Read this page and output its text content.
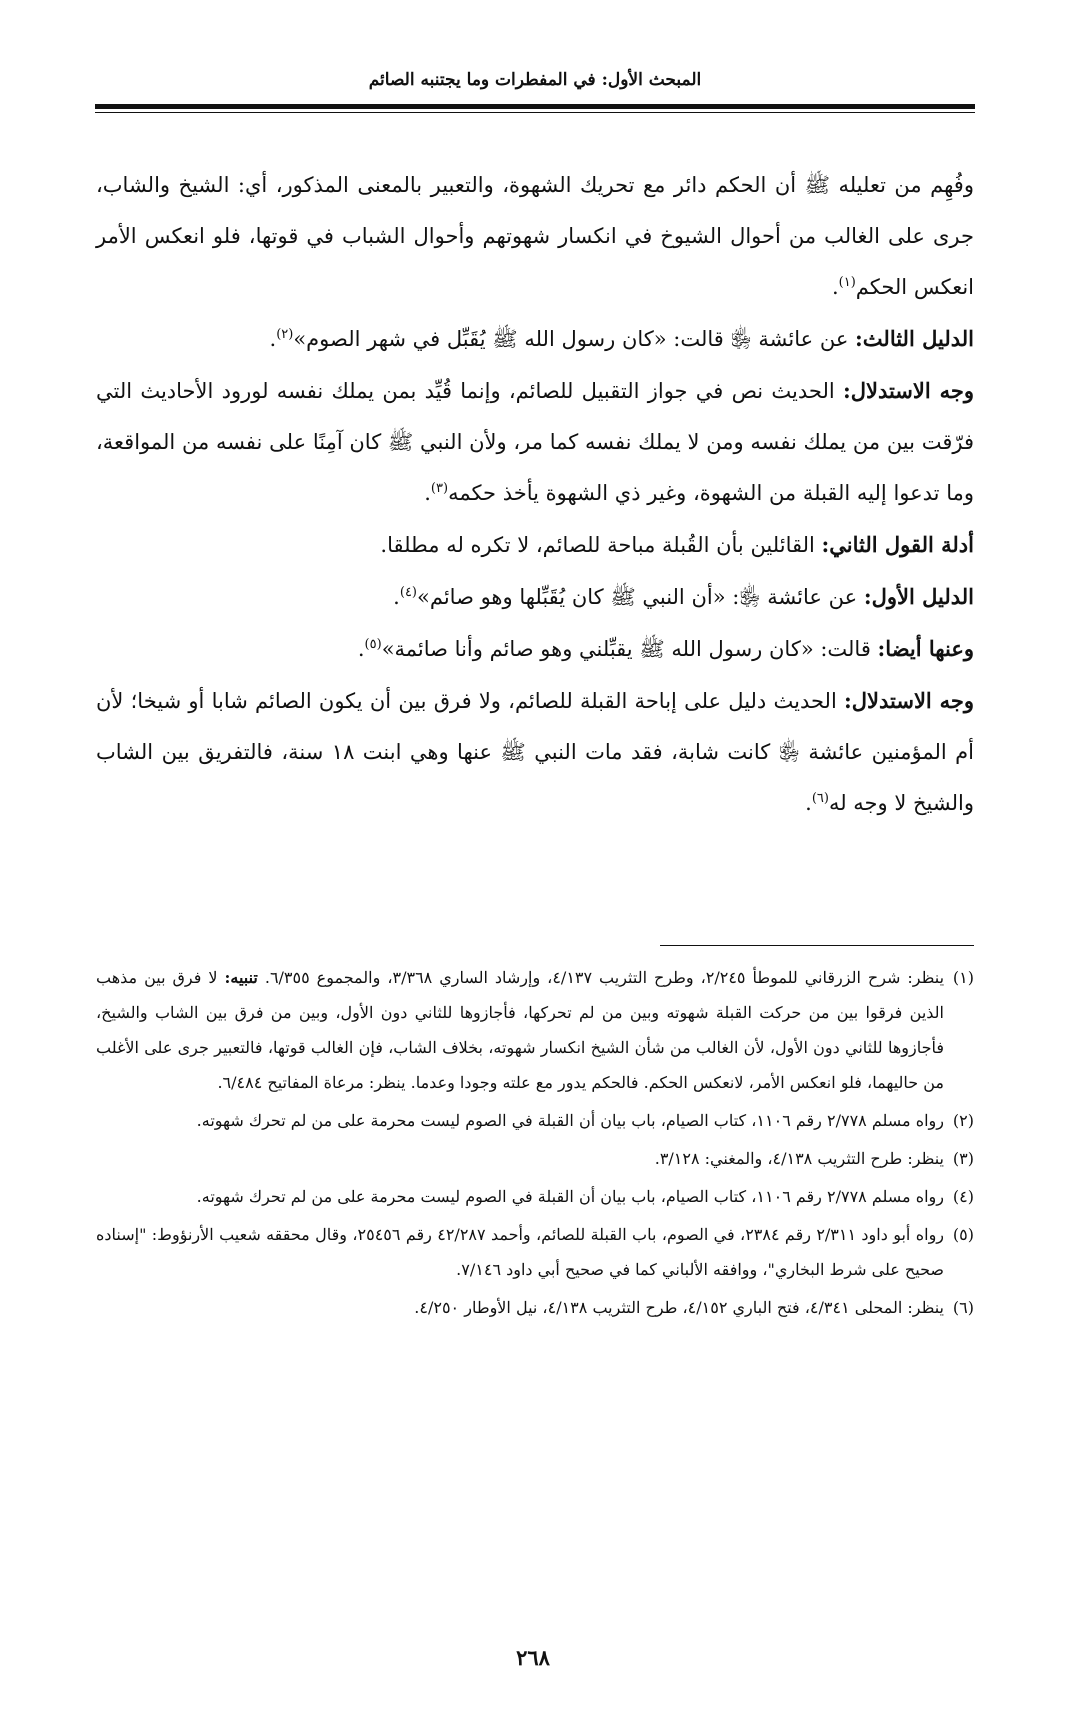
المبحث الأول: في المفطرات وما يجتنبه الصائم

وفُهِم من تعليله ﷺ أن الحكم دائر مع تحريك الشهوة، والتعبير بالمعنى المذكور، أي: الشيخ والشاب، جرى على الغالب من أحوال الشيوخ في انكسار شهوتهم وأحوال الشباب في قوتها، فلو انعكس الأمر انعكس الحكم$^{(١)}$.

الدليل الثالث: عن عائشة ﵂ قالت: «كان رسول الله ﷺ يُقَبِّل في شهر الصوم»$^{(٢)}$.

وجه الاستدلال: الحديث نص في جواز التقبيل للصائم، وإنما قُيِّد بمن يملك نفسه لورود الأحاديث التي فرّقت بين من يملك نفسه ومن لا يملك نفسه كما مر، ولأن النبي ﷺ كان آمِنًا على نفسه من المواقعة، وما تدعوا إليه القبلة من الشهوة، وغير ذي الشهوة يأخذ حكمه$^{(٣)}$.

أدلة القول الثاني: القائلين بأن القُبلة مباحة للصائم، لا تكره له مطلقا.

الدليل الأول: عن عائشة ﵂: «أن النبي ﷺ كان يُقَبِّلها وهو صائم»$^{(٤)}$.

وعنها أيضا: قالت: «كان رسول الله ﷺ يقبِّلني وهو صائم وأنا صائمة»$^{(٥)}$.

وجه الاستدلال: الحديث دليل على إباحة القبلة للصائم، ولا فرق بين أن يكون الصائم شابا أو شيخا؛ لأن أم المؤمنين عائشة ﵂ كانت شابة، فقد مات النبي ﷺ عنها وهي ابنت ١٨ سنة، فالتفريق بين الشاب والشيخ لا وجه له$^{(٦)}$.

(١)
ينظر: شرح الزرقاني للموطأ ٢/٢٤٥، وطرح التثريب ٤/١٣٧، وإرشاد الساري ٣/٣٦٨، والمجموع ٦/٣٥٥. تنبيه: لا فرق بين مذهب الذين فرقوا بين من حركت القبلة شهوته وبين من لم تحركها، فأجازوها للثاني دون الأول، وبين من فرق بين الشاب والشيخ، فأجازوها للثاني دون الأول، لأن الغالب من شأن الشيخ انكسار شهوته، بخلاف الشاب، فإن الغالب قوتها، فالتعبير جرى على الأغلب من حاليهما، فلو انعكس الأمر، لانعكس الحكم. فالحكم يدور مع علته وجودا وعدما. ينظر: مرعاة المفاتيح ٦/٤٨٤.

(٢)
رواه مسلم ٢/٧٧٨ رقم ١١٠٦، كتاب الصيام، باب بيان أن القبلة في الصوم ليست محرمة على من لم تحرك شهوته.

(٣)
ينظر: طرح التثريب ٤/١٣٨، والمغني: ٣/١٢٨.

(٤)
رواه مسلم ٢/٧٧٨ رقم ١١٠٦، كتاب الصيام، باب بيان أن القبلة في الصوم ليست محرمة على من لم تحرك شهوته.

(٥)
رواه أبو داود ٢/٣١١ رقم ٢٣٨٤، في الصوم، باب القبلة للصائم، وأحمد ٤٢/٢٨٧ رقم ٢٥٤٥٦، وقال محققه شعيب الأرنؤوط: "إسناده صحيح على شرط البخاري"، ووافقه الألباني كما في صحيح أبي داود ٧/١٤٦.

(٦)
ينظر: المحلى ٤/٣٤١، فتح الباري ٤/١٥٢، طرح التثريب ٤/١٣٨، نيل الأوطار ٤/٢٥٠.

٢٦٨
